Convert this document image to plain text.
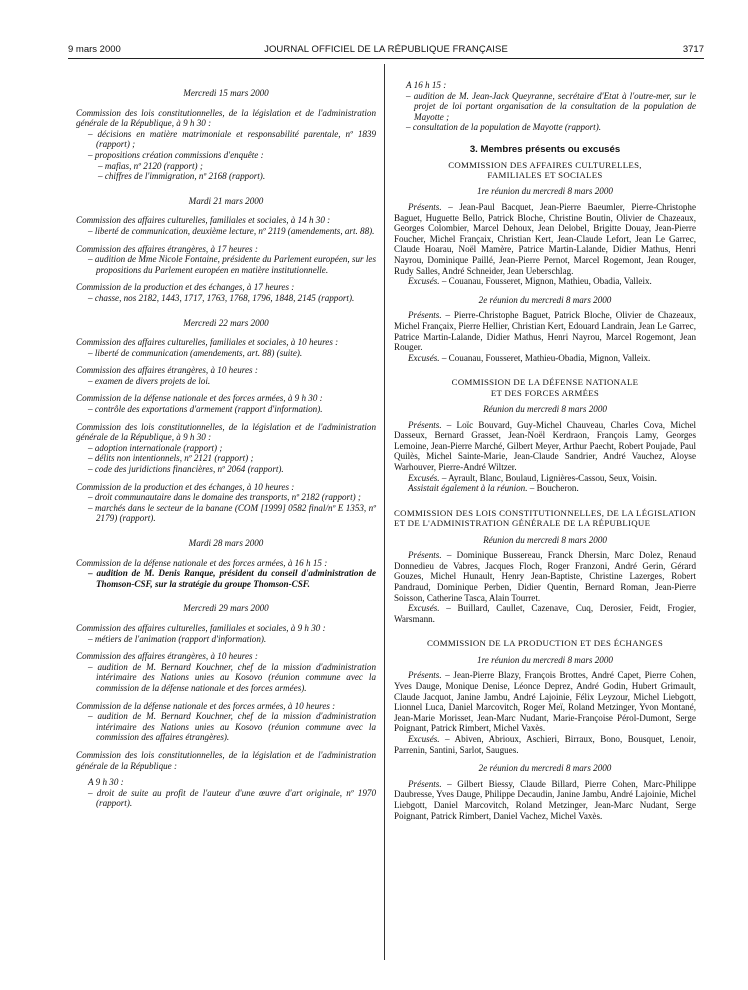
9 mars 2000	JOURNAL OFFICIEL DE LA RÉPUBLIQUE FRANÇAISE	3717
Mercredi 15 mars 2000
Commission des lois constitutionnelles, de la législation et de l'administration générale de la République, à 9 h 30 :
– décisions en matière matrimoniale et responsabilité parentale, nº 1839 (rapport) ;
– propositions création commissions d'enquête :
– mafias, nº 2120 (rapport) ;
– chiffres de l'immigration, nº 2168 (rapport).
Mardi 21 mars 2000
Commission des affaires culturelles, familiales et sociales, à 14 h 30 :
– liberté de communication, deuxième lecture, nº 2119 (amendements, art. 88).
Commission des affaires étrangères, à 17 heures :
– audition de Mme Nicole Fontaine, présidente du Parlement européen, sur les propositions du Parlement européen en matière institutionnelle.
Commission de la production et des échanges, à 17 heures :
– chasse, nos 2182, 1443, 1717, 1763, 1768, 1796, 1848, 2145 (rapport).
Mercredi 22 mars 2000
Commission des affaires culturelles, familiales et sociales, à 10 heures :
– liberté de communication (amendements, art. 88) (suite).
Commission des affaires étrangères, à 10 heures :
– examen de divers projets de loi.
Commission de la défense nationale et des forces armées, à 9 h 30 :
– contrôle des exportations d'armement (rapport d'information).
Commission des lois constitutionnelles, de la législation et de l'administration générale de la République, à 9 h 30 :
– adoption internationale (rapport) ;
– délits non intentionnels, nº 2121 (rapport) ;
– code des juridictions financières, nº 2064 (rapport).
Commission de la production et des échanges, à 10 heures :
– droit communautaire dans le domaine des transports, nº 2182 (rapport) ;
– marchés dans le secteur de la banane (COM [1999] 0582 final/nº E 1353, nº 2179) (rapport).
Mardi 28 mars 2000
Commission de la défense nationale et des forces armées, à 16 h 15 :
– audition de M. Denis Ranque, président du conseil d'administration de Thomson-CSF, sur la stratégie du groupe Thomson-CSF.
Mercredi 29 mars 2000
Commission des affaires culturelles, familiales et sociales, à 9 h 30 :
– métiers de l'animation (rapport d'information).
Commission des affaires étrangères, à 10 heures :
– audition de M. Bernard Kouchner, chef de la mission d'administration intérimaire des Nations unies au Kosovo (réunion commune avec la commission de la défense nationale et des forces armées).
Commission de la défense nationale et des forces armées, à 10 heures :
– audition de M. Bernard Kouchner, chef de la mission d'administration intérimaire des Nations unies au Kosovo (réunion commune avec la commission des affaires étrangères).
Commission des lois constitutionnelles, de la législation et de l'administration générale de la République :
A 9 h 30 :
– droit de suite au profit de l'auteur d'une œuvre d'art originale, nº 1970 (rapport).
A 16 h 15 :
– audition de M. Jean-Jack Queyranne, secrétaire d'Etat à l'outre-mer, sur le projet de loi portant organisation de la consultation de la population de Mayotte ;
– consultation de la population de Mayotte (rapport).
3. Membres présents ou excusés
COMMISSION DES AFFAIRES CULTURELLES,
FAMILIALES ET SOCIALES
1re réunion du mercredi 8 mars 2000

Présents. – Jean-Paul Bacquet, Jean-Pierre Baeumler, Pierre-Christophe Baguet, Huguette Bello, Patrick Bloche, Christine Boutin, Olivier de Chazeaux, Georges Colombier, Marcel Dehoux, Jean Delobel, Brigitte Douay, Jean-Pierre Foucher, Michel Françaix, Christian Kert, Jean-Claude Lefort, Jean Le Garrec, Claude Hoarau, Noël Mamère, Patrice Martin-Lalande, Didier Mathus, Henri Nayrou, Dominique Paillé, Jean-Pierre Pernot, Marcel Rogemont, Jean Rouger, Rudy Salles, André Schneider, Jean Ueberschlag.

Excusés. – Couanau, Fousseret, Mignon, Mathieu, Obadia, Valleix.

2e réunion du mercredi 8 mars 2000

Présents. – Pierre-Christophe Baguet, Patrick Bloche, Olivier de Chazeaux, Michel Françaix, Pierre Hellier, Christian Kert, Edouard Landrain, Jean Le Garrec, Patrice Martin-Lalande, Didier Mathus, Henri Nayrou, Marcel Rogemont, Jean Rouger.

Excusés. – Couanau, Fousseret, Mathieu-Obadia, Mignon, Valleix.

COMMISSION DE LA DÉFENSE NATIONALE
ET DES FORCES ARMÉES
Réunion du mercredi 8 mars 2000

Présents. – Loïc Bouvard, Guy-Michel Chauveau, Charles Cova, Michel Dasseux, Bernard Grasset, Jean-Noël Kerdraon, François Lamy, Georges Lemoine, Jean-Pierre Marché, Gilbert Meyer, Arthur Paecht, Robert Poujade, Paul Quilès, Michel Sainte-Marie, Jean-Claude Sandrier, André Vauchez, Aloyse Warhouver, Pierre-André Wiltzer.

Excusés. – Ayrault, Blanc, Boulaud, Lignières-Cassou, Seux, Voisin.

Assistait également à la réunion. – Boucheron.

COMMISSION DES LOIS CONSTITUTIONNELLES, DE LA LÉGISLATION ET DE L'ADMINISTRATION GÉNÉRALE DE LA RÉPUBLIQUE
Réunion du mercredi 8 mars 2000

Présents. – Dominique Bussereau, Franck Dhersin, Marc Dolez, Renaud Donnedieu de Vabres, Jacques Floch, Roger Franzoni, André Gerin, Gérard Gouzes, Michel Hunault, Henry Jean-Baptiste, Christine Lazerges, Robert Pandraud, Dominique Perben, Didier Quentin, Bernard Roman, Jean-Pierre Soisson, Catherine Tasca, Alain Tourret.

Excusés. – Buillard, Caullet, Cazenave, Cuq, Derosier, Feidt, Frogier, Warsmann.

COMMISSION DE LA PRODUCTION ET DES ÉCHANGES
1re réunion du mercredi 8 mars 2000

Présents. – Jean-Pierre Blazy, François Brottes, André Capet, Pierre Cohen, Yves Dauge, Monique Denise, Léonce Deprez, André Godin, Hubert Grimault, Claude Jacquot, Janine Jambu, André Lajoinie, Félix Leyzour, Michel Liebgott, Lionnel Luca, Daniel Marcovitch, Roger Meï, Roland Metzinger, Yvon Montané, Jean-Marie Morisset, Jean-Marc Nudant, Marie-Françoise Pérol-Dumont, Serge Poignant, Patrick Rimbert, Michel Vaxès.

Excusés. – Abiven, Abrioux, Aschieri, Birraux, Bono, Bousquet, Lenoir, Parrenin, Santini, Sarlot, Saugues.

2e réunion du mercredi 8 mars 2000

Présents. – Gilbert Biessy, Claude Billard, Pierre Cohen, Marc-Philippe Daubresse, Yves Dauge, Philippe Decaudin, Janine Jambu, André Lajoinie, Michel Liebgott, Daniel Marcovitch, Roland Metzinger, Jean-Marc Nudant, Serge Poignant, Patrick Rimbert, Daniel Vachez, Michel Vaxès.
